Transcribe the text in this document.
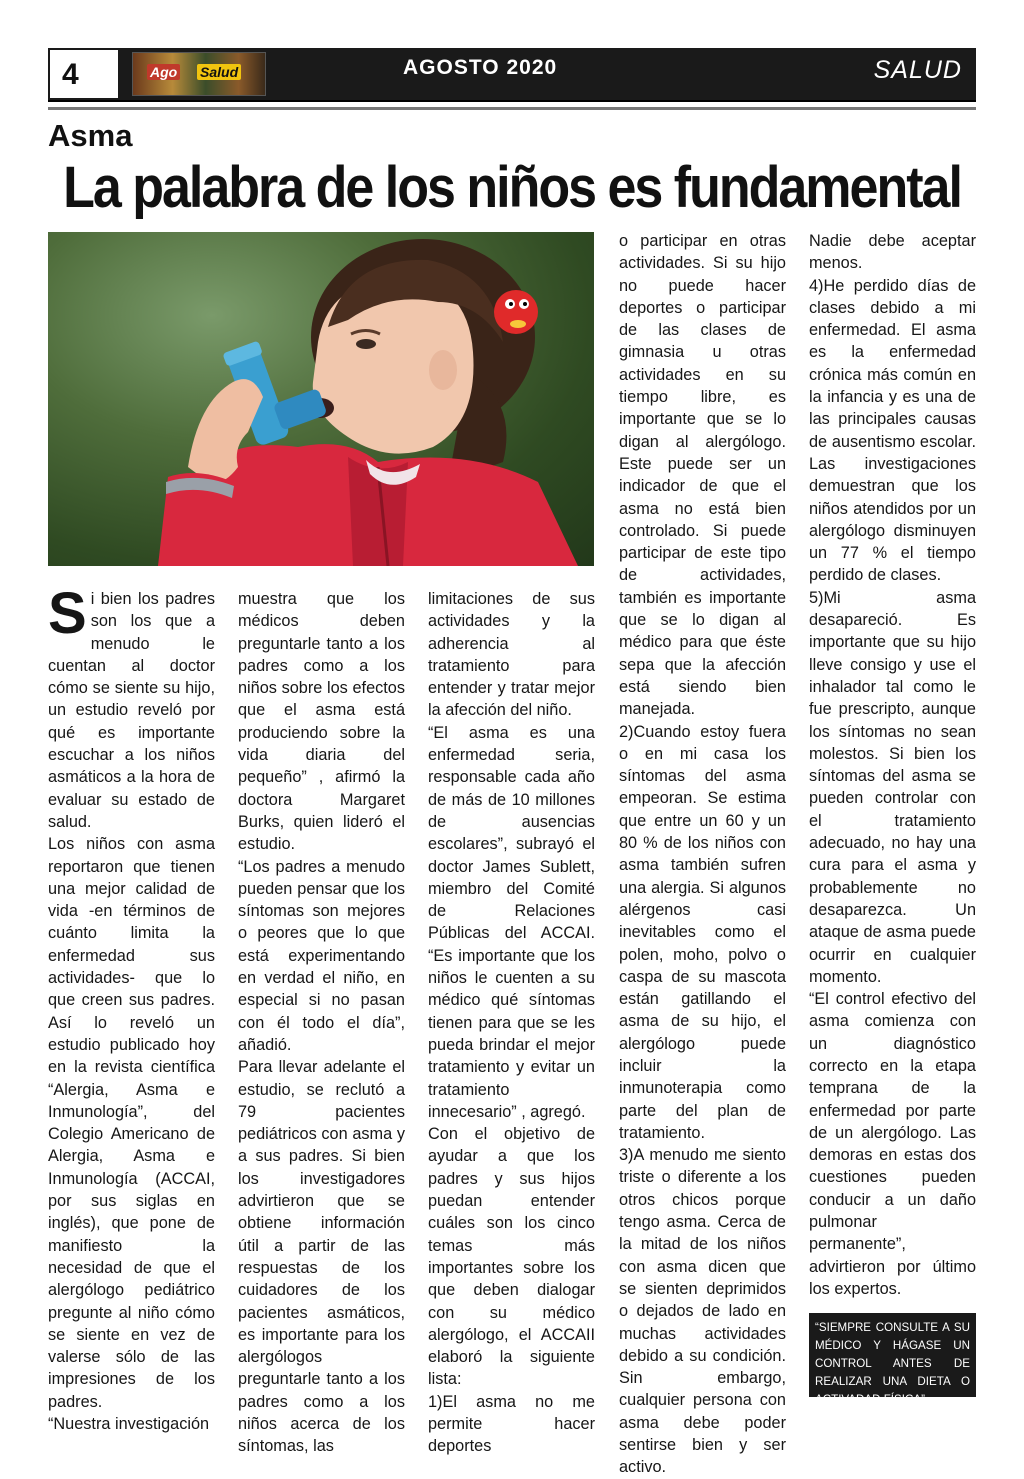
4	Ago Salud	AGOSTO 2020	SALUD
Asma
La palabra de los niños es fundamental

Si bien los padres son los que a menudo le cuentan al doctor cómo se siente su hijo, un estudio reveló por qué es importante escuchar a los niños asmáticos a la hora de evaluar su estado de salud.

Los niños con asma reportaron que tienen una mejor calidad de vida -en términos de cuánto limita la enfermedad sus actividades- que lo que creen sus padres. Así lo reveló un estudio publicado hoy en la revista científica “Alergia, Asma e Inmunología”, del Colegio Americano de Alergia, Asma e Inmunología (ACCAI, por sus siglas en inglés), que pone de manifiesto la necesidad de que el alergólogo pediátrico pregunte al niño cómo se siente en vez de valerse sólo de las impresiones de los padres.

“Nuestra investigación

muestra que los médicos deben preguntarle tanto a los padres como a los niños sobre los efectos que el asma está produciendo sobre la vida diaria del pequeño” , afirmó la doctora Margaret Burks, quien lideró el estudio.

“Los padres a menudo pueden pensar que los síntomas son mejores o peores que lo que está experimentando en verdad el niño, en especial si no pasan con él todo el día”, añadió.

Para llevar adelante el estudio, se reclutó a 79 pacientes pediátricos con asma y a sus padres. Si bien los investigadores advirtieron que se obtiene información útil a partir de las respuestas de los cuidadores de los pacientes asmáticos, es importante para los alergólogos preguntarle tanto a los padres como a los niños acerca de los síntomas, las

limitaciones de sus actividades y la adherencia al tratamiento para entender y tratar mejor la afección del niño.

“El asma es una enfermedad seria, responsable cada año de más de 10 millones de ausencias escolares”, subrayó el doctor James Sublett, miembro del Comité de Relaciones Públicas del ACCAI. “Es importante que los niños le cuenten a su médico qué síntomas tienen para que se les pueda brindar el mejor tratamiento y evitar un tratamiento innecesario” , agregó.

Con el objetivo de ayudar a que los padres y sus hijos puedan entender cuáles son los cinco temas más importantes sobre los que deben dialogar con su médico alergólogo, el ACCAII elaboró la siguiente lista:

1)El asma no me permite hacer deportes

o participar en otras actividades. Si su hijo no puede hacer deportes o participar de las clases de gimnasia u otras actividades en su tiempo libre, es importante que se lo digan al alergólogo. Este puede ser un indicador de que el asma no está bien controlado. Si puede participar de este tipo de actividades, también es importante que se lo digan al médico para que éste sepa que la afección está siendo bien manejada.

2)Cuando estoy fuera o en mi casa los síntomas del asma empeoran. Se estima que entre un 60 y un 80 % de los niños con asma también sufren una alergia. Si algunos alérgenos casi inevitables como el polen, moho, polvo o caspa de su mascota están gatillando el asma de su hijo, el alergólogo puede incluir la inmunoterapia como parte del plan de tratamiento.

3)A menudo me siento triste o diferente a los otros chicos porque tengo asma. Cerca de la mitad de los niños con asma dicen que se sienten deprimidos o dejados de lado en muchas actividades debido a su condición. Sin embargo, cualquier persona con asma debe poder sentirse bien y ser activo.

Nadie debe aceptar menos.

4)He perdido días de clases debido a mi enfermedad. El asma es la enfermedad crónica más común en la infancia y es una de las principales causas de ausentismo escolar. Las investigaciones demuestran que los niños atendidos por un alergólogo disminuyen un 77 % el tiempo perdido de clases.

5)Mi asma desapareció. Es importante que su hijo lleve consigo y use el inhalador tal como le fue prescripto, aunque los síntomas no sean molestos. Si bien los síntomas del asma se pueden controlar con el tratamiento adecuado, no hay una cura para el asma y probablemente no desaparezca. Un ataque de asma puede ocurrir en cualquier momento.

“El control efectivo del asma comienza con un diagnóstico correcto en la etapa temprana de la enfermedad por parte de un alergólogo. Las demoras en estas dos cuestiones pueden conducir a un daño pulmonar permanente”, advirtieron por último los expertos.

“SIEMPRE CONSULTE A SU MÉDICO Y HÁGASE UN CONTROL ANTES DE REALIZAR UNA DIETA O ACTIVADAD FÍSICA”
